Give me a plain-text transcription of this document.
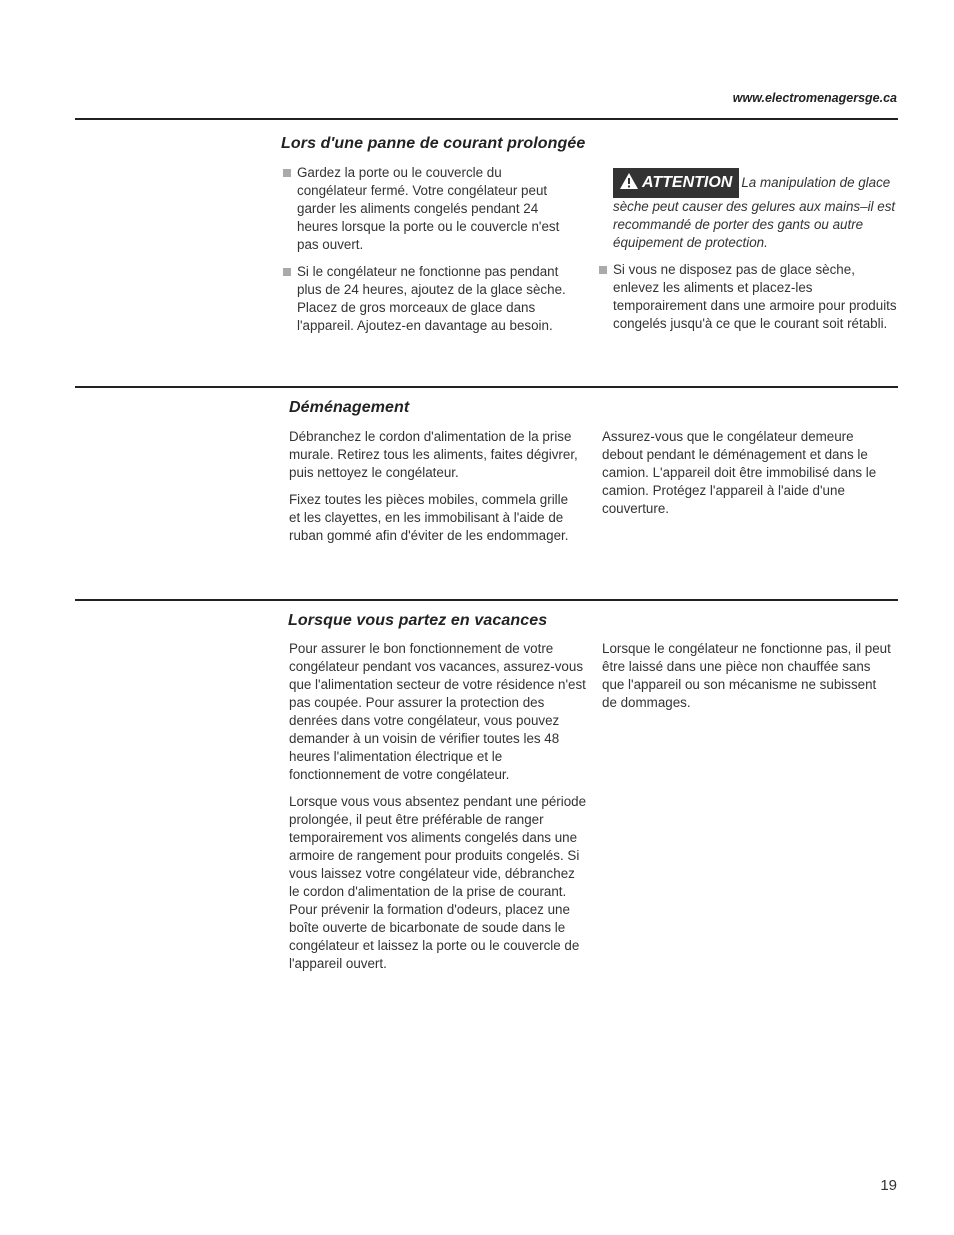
www.electromenagersge.ca
Lors d'une panne de courant prolongée
Gardez la porte ou le couvercle du congélateur fermé. Votre congélateur peut garder les aliments congelés pendant 24 heures lorsque la porte ou le couvercle n'est pas ouvert.
Si le congélateur ne fonctionne pas pendant plus de 24 heures, ajoutez de la glace sèche. Placez de gros morceaux de glace dans l'appareil. Ajoutez-en davantage au besoin.
ATTENTION La manipulation de glace sèche peut causer des gelures aux mains–il est recommandé de porter des gants ou autre équipement de protection.
Si vous ne disposez pas de glace sèche, enlevez les aliments et placez-les temporairement dans une armoire pour produits congelés jusqu'à ce que le courant soit rétabli.
Déménagement

Débranchez le cordon d'alimentation de la prise murale. Retirez tous les aliments, faites dégivrer, puis nettoyez le congélateur.

Fixez toutes les pièces mobiles, commela grille et les clayettes, en les immobilisant à l'aide de ruban gommé afin d'éviter de les endommager.

Assurez-vous que le congélateur demeure debout pendant le déménagement et dans le camion. L'appareil doit être immobilisé dans le camion. Protégez l'appareil à l'aide d'une couverture.

Lorsque vous partez en vacances

Pour assurer le bon fonctionnement de votre congélateur pendant vos vacances, assurez-vous que l'alimentation secteur de votre résidence n'est pas coupée. Pour assurer la protection des denrées dans votre congélateur, vous pouvez demander à un voisin de vérifier toutes les 48 heures l'alimentation électrique et le fonctionnement de votre congélateur.

Lorsque vous vous absentez pendant une période prolongée, il peut être préférable de ranger temporairement vos aliments congelés dans une armoire de rangement pour produits congelés. Si vous laissez votre congélateur vide, débranchez le cordon d'alimentation de la prise de courant. Pour prévenir la formation d'odeurs, placez une boîte ouverte de bicarbonate de soude dans le congélateur et laissez la porte ou le couvercle de l'appareil ouvert.

Lorsque le congélateur ne fonctionne pas, il peut être laissé dans une pièce non chauffée sans que l'appareil ou son mécanisme ne subissent de dommages.

19
